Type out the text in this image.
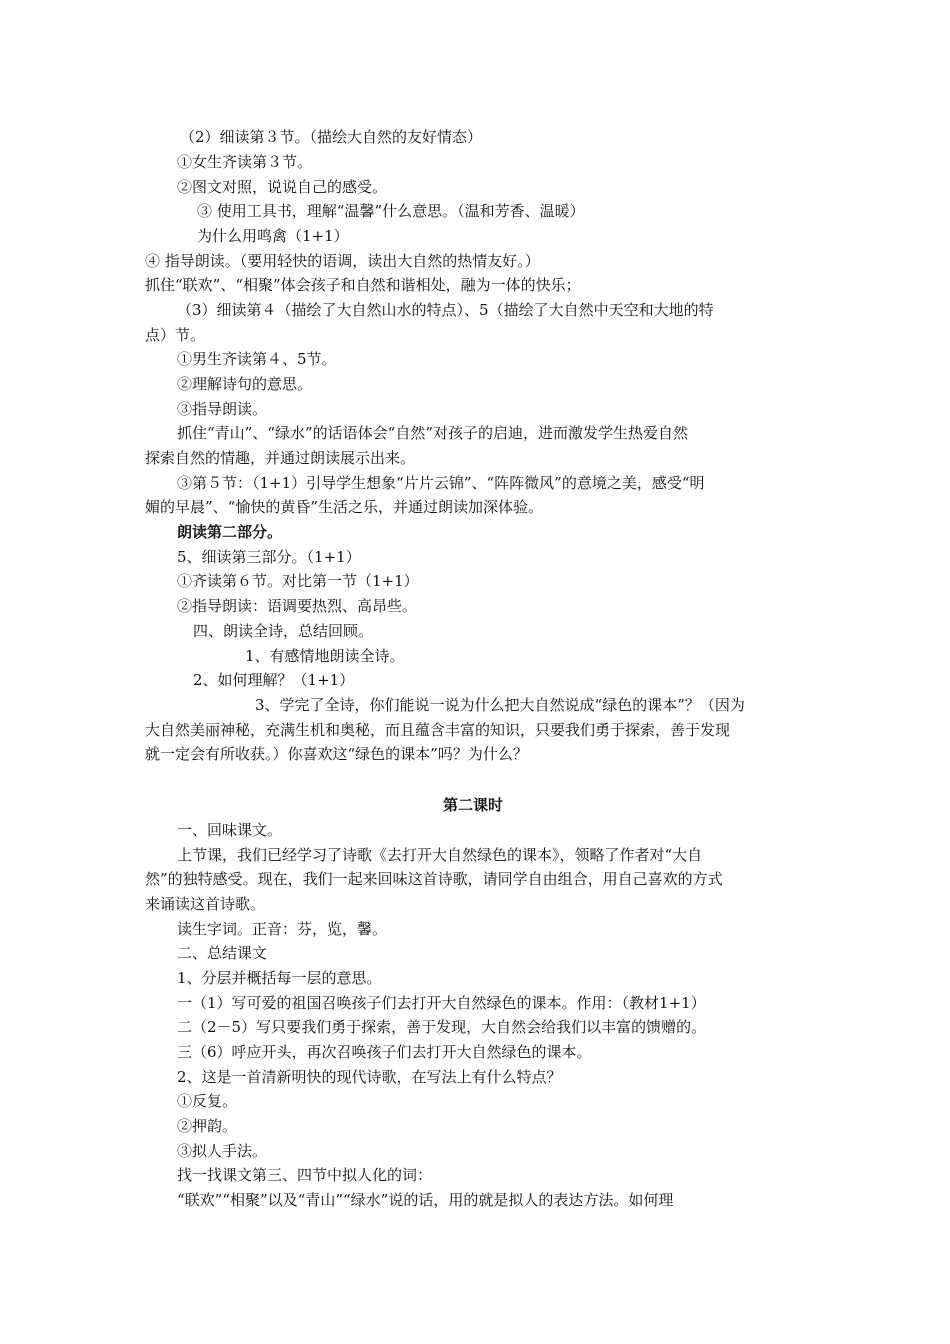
（2）细读第３节。（描绘大自然的友好情态）
①女生齐读第３节。
②图文对照，说说自己的感受。
③ 使用工具书，理解“温馨”什么意思。（温和芳香、温暖）
为什么用鸣禽（1+1）
④ 指导朗读。（要用轻快的语调，读出大自然的热情友好。）
抓住“联欢”、“相聚”体会孩子和自然和谐相处，融为一体的快乐；
（3）细读第４（描绘了大自然山水的特点）、5（描绘了大自然中天空和大地的特
点）节。
①男生齐读第４、5节。
②理解诗句的意思。
③指导朗读。
抓住“青山”、“绿水”的话语体会“自然”对孩子的启迪，进而激发学生热爱自然
探索自然的情趣，并通过朗读展示出来。
③第５节：（1+1）引导学生想象“片片云锦”、“阵阵微风”的意境之美，感受“明
媚的早晨”、“愉快的黄昏”生活之乐，并通过朗读加深体验。
朗读第二部分。
5、细读第三部分。（1+1）
①齐读第６节。对比第一节（1+1）
②指导朗读：语调要热烈、高昂些。
四、朗读全诗，总结回顾。
1、有感情地朗读全诗。
2、如何理解？（1+1）
3、学完了全诗，你们能说一说为什么把大自然说成“绿色的课本”？（因为
大自然美丽神秘，充满生机和奥秘，而且蕴含丰富的知识，只要我们勇于探索，善于发现
就一定会有所收获。）你喜欢这“绿色的课本”吗？为什么？
第二课时
一、回味课文。
上节课，我们已经学习了诗歌《去打开大自然绿色的课本》，领略了作者对“大自
然”的独特感受。现在，我们一起来回味这首诗歌，请同学自由组合，用自己喜欢的方式
来诵读这首诗歌。
读生字词。正音：芬，览，馨。
二、总结课文
1、分层并概括每一层的意思。
一（1）写可爱的祖国召唤孩子们去打开大自然绿色的课本。作用：（教材1+1）
二（2－5）写只要我们勇于探索，善于发现，大自然会给我们以丰富的馈赠的。
三（6）呼应开头，再次召唤孩子们去打开大自然绿色的课本。
2、这是一首清新明快的现代诗歌，在写法上有什么特点？
①反复。
②押韵。
③拟人手法。
找一找课文第三、四节中拟人化的词：
“联欢”“相聚”以及“青山”“绿水”说的话，用的就是拟人的表达方法。如何理
